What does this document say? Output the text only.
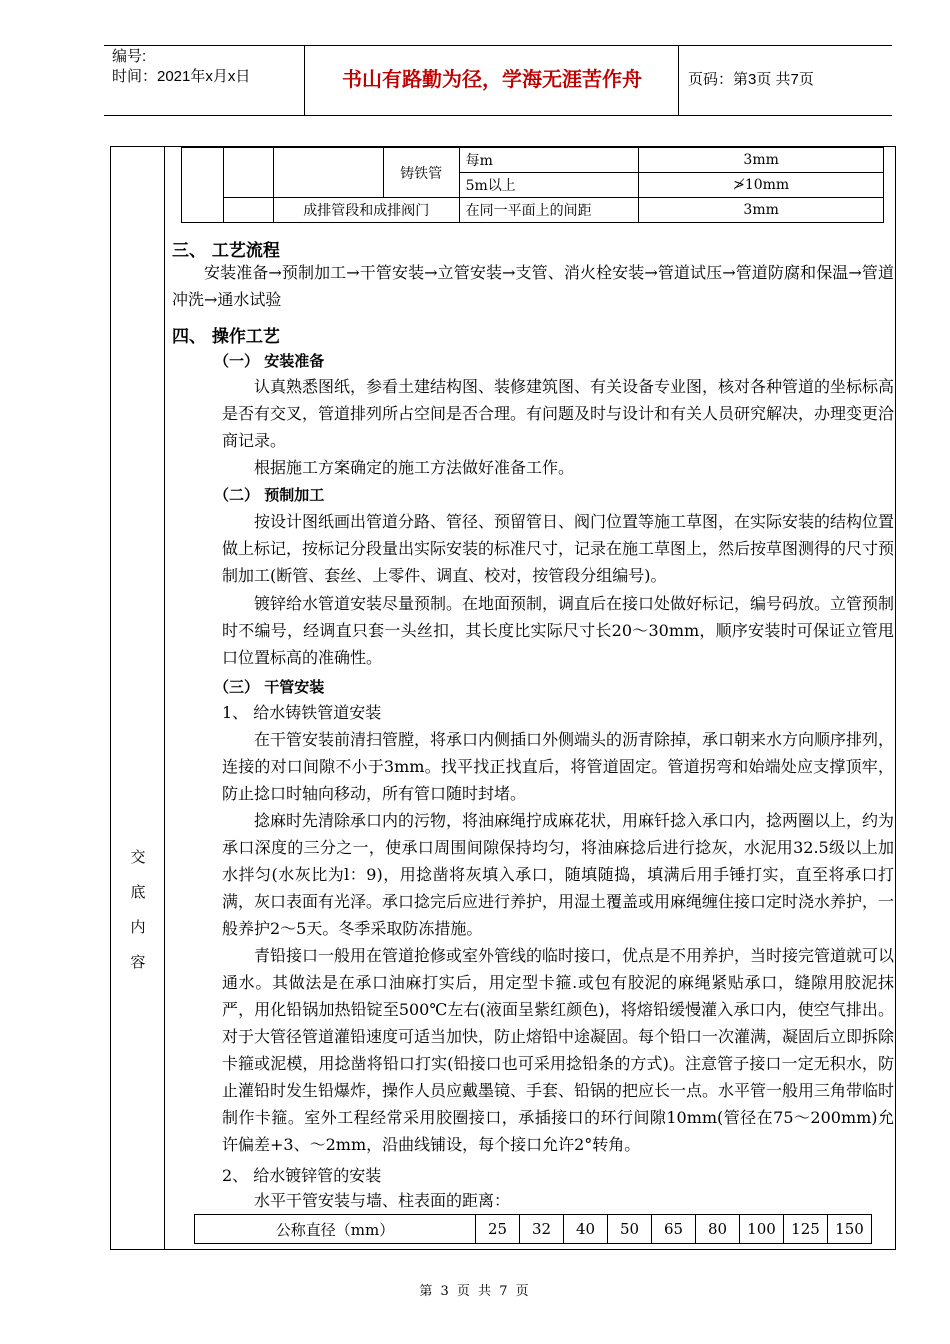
编号:
时间：2021年x月x日	书山有路勤为径，学海无涯苦作舟	页码：第3页 共7页
交
底
内
容
			铸铁管	每m	3mm
				5m以上	≯10mm
		成排管段和成排阀门		在同一平面上的间距	3mm
三、 工艺流程
安装准备→预制加工→干管安装→立管安装→支管、消火栓安装→管道试压→管道防腐和保温→管道冲洗→通水试验
四、 操作工艺
（一） 安装准备
认真熟悉图纸，参看土建结构图、装修建筑图、有关设备专业图，核对各种管道的坐标标高是否有交叉，管道排列所占空间是否合理。有问题及时与设计和有关人员研究解决，办理变更洽商记录。
根据施工方案确定的施工方法做好准备工作。
（二） 预制加工
按设计图纸画出管道分路、管径、预留管日、阀门位置等施工草图，在实际安装的结构位置做上标记，按标记分段量出实际安装的标准尺寸，记录在施工草图上，然后按草图测得的尺寸预制加工(断管、套丝、上零件、调直、校对，按管段分组编号)。
镀锌给水管道安装尽量预制。在地面预制，调直后在接口处做好标记，编号码放。立管预制时不编号，经调直只套一头丝扣，其长度比实际尺寸长20～30mm，顺序安装时可保证立管甩口位置标高的准确性。
（三） 干管安装
1、 给水铸铁管道安装
在干管安装前清扫管膛，将承口内侧插口外侧端头的沥青除掉，承口朝来水方向顺序排列，连接的对口间隙不小于3mm。找平找正找直后，将管道固定。管道拐弯和始端处应支撑顶牢，防止捻口时轴向移动，所有管口随时封堵。
捻麻时先清除承口内的污物，将油麻绳拧成麻花状，用麻钎捻入承口内，捻两圈以上，约为承口深度的三分之一，使承口周围间隙保持均匀，将油麻捻后进行捻灰，水泥用32.5级以上加水拌匀(水灰比为l：9)，用捻凿将灰填入承口，随填随捣，填满后用手锤打实，直至将承口打满，灰口表面有光泽。承口捻完后应进行养护，用湿土覆盖或用麻绳缠住接口定时浇水养护，一般养护2～5天。冬季采取防冻措施。
青铅接口一般用在管道抢修或室外管线的临时接口，优点是不用养护，当时接完管道就可以通水。其做法是在承口油麻打实后，用定型卡箍.或包有胶泥的麻绳紧贴承口，缝隙用胶泥抹严，用化铅锅加热铅锭至500℃左右(液面呈紫红颜色)，将熔铅缓慢灌入承口内，使空气排出。对于大管径管道灌铅速度可适当加快，防止熔铅中途凝固。每个铅口一次灌满，凝固后立即拆除卡箍或泥模，用捻凿将铅口打实(铅接口也可采用捻铅条的方式)。注意管子接口一定无积水，防止灌铅时发生铅爆炸，操作人员应戴墨镜、手套、铅锅的把应长一点。水平管一般用三角带临时制作卡箍。室外工程经常采用胶圈接口，承插接口的环行间隙10mm(管径在75～200mm)允许偏差+3、～2mm，沿曲线铺设，每个接口允许2°转角。
2、 给水镀锌管的安装
水平干管安装与墙、柱表面的距离：
公称直径（mm）	25	32	40	50	65	80	100	125	150
第 3 页 共 7 页
